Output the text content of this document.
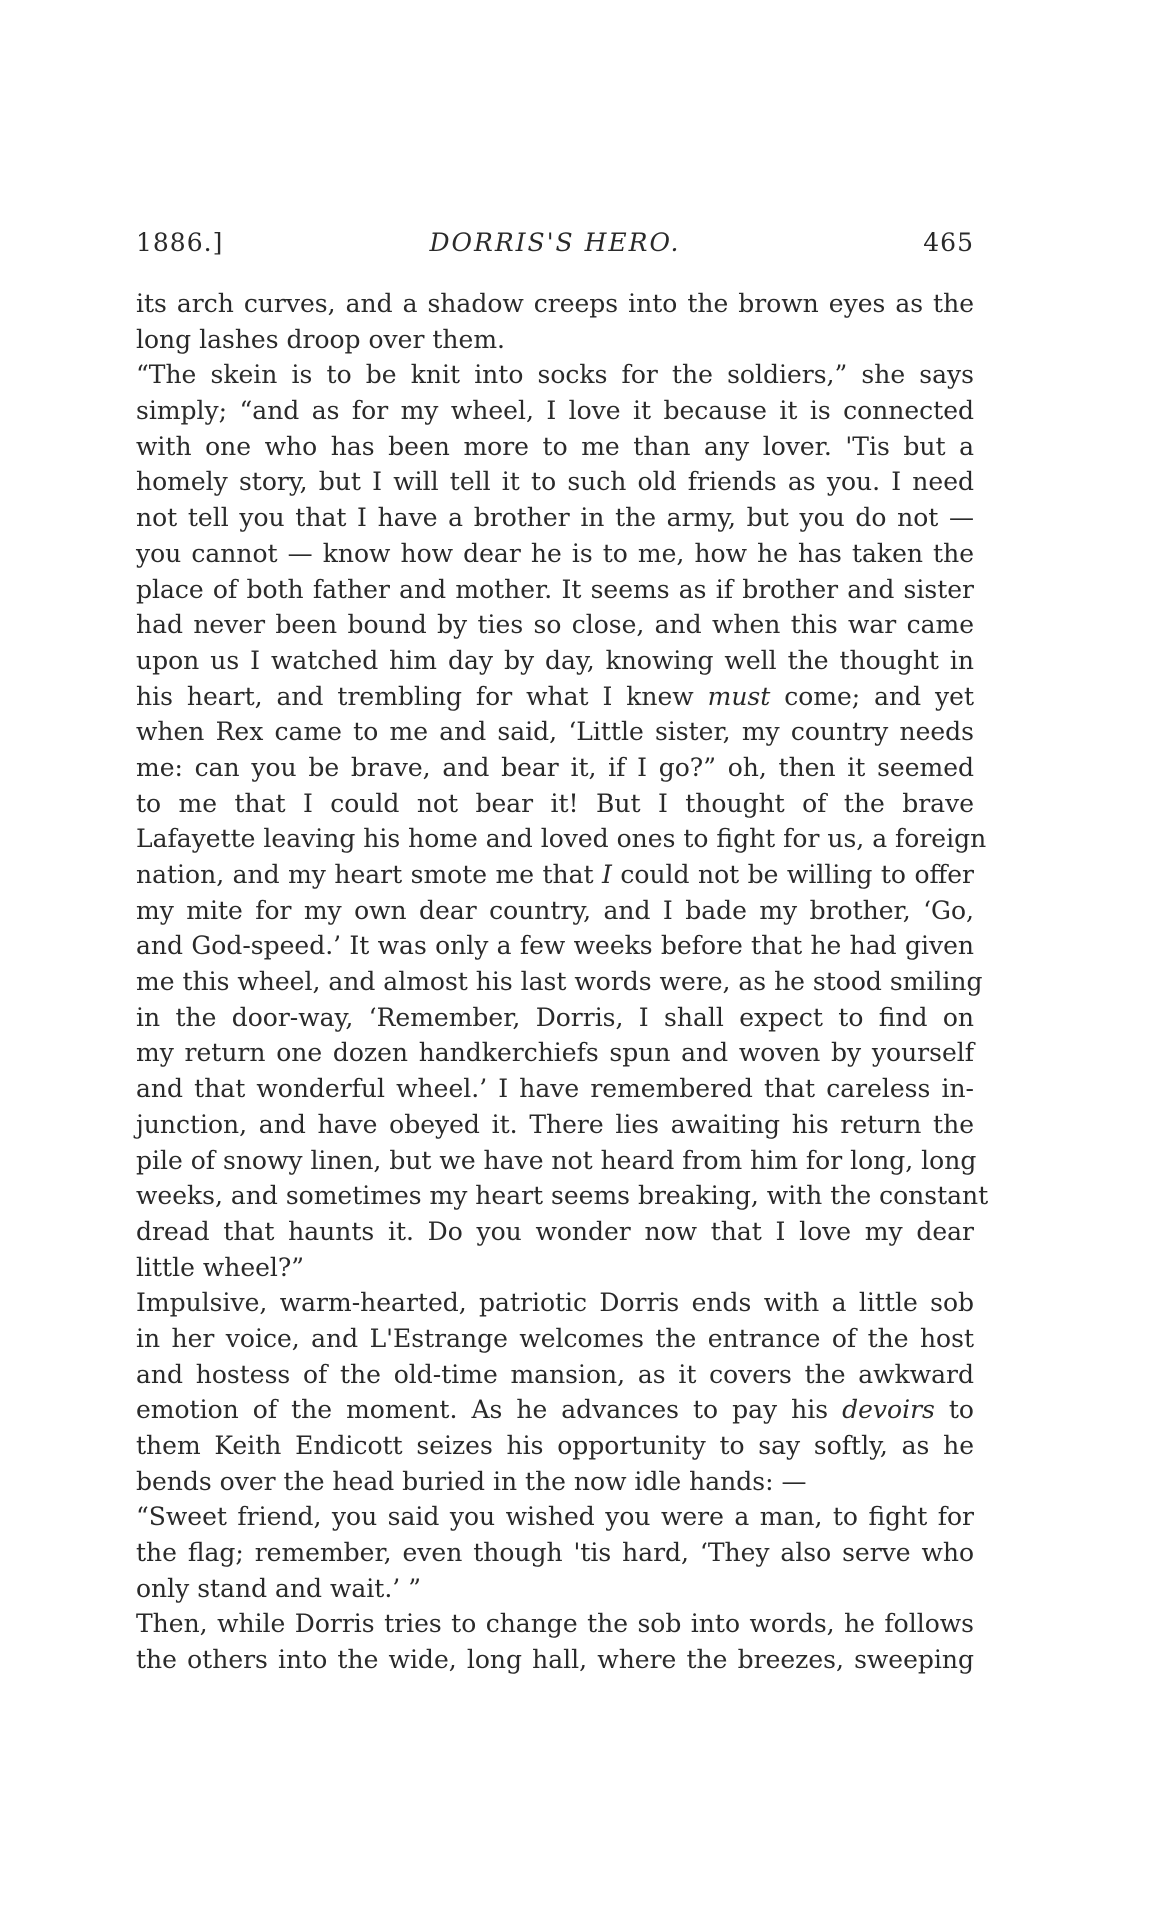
1886.]	DORRIS'S HERO.	465
its arch curves, and a shadow creeps into the brown eyes as the
long lashes droop over them.
“The skein is to be knit into socks for the soldiers,” she says
simply; “and as for my wheel, I love it because it is connected
with one who has been more to me than any lover. 'Tis but a
homely story, but I will tell it to such old friends as you. I need
not tell you that I have a brother in the army, but you do not —
you cannot — know how dear he is to me, how he has taken the
place of both father and mother. It seems as if brother and sister
had never been bound by ties so close, and when this war came
upon us I watched him day by day, knowing well the thought in
his heart, and trembling for what I knew must come; and yet
when Rex came to me and said, ‘Little sister, my country needs
me: can you be brave, and bear it, if I go?” oh, then it seemed
to me that I could not bear it! But I thought of the brave
Lafayette leaving his home and loved ones to fight for us, a foreign
nation, and my heart smote me that I could not be willing to offer
my mite for my own dear country, and I bade my brother, ‘Go,
and God-speed.’ It was only a few weeks before that he had given
me this wheel, and almost his last words were, as he stood smiling
in the door-way, ‘Remember, Dorris, I shall expect to find on
my return one dozen handkerchiefs spun and woven by yourself
and that wonderful wheel.’ I have remembered that careless in-
junction, and have obeyed it. There lies awaiting his return the
pile of snowy linen, but we have not heard from him for long, long
weeks, and sometimes my heart seems breaking, with the constant
dread that haunts it. Do you wonder now that I love my dear
little wheel?”
Impulsive, warm-hearted, patriotic Dorris ends with a little sob
in her voice, and L'Estrange welcomes the entrance of the host
and hostess of the old-time mansion, as it covers the awkward
emotion of the moment. As he advances to pay his devoirs to
them Keith Endicott seizes his opportunity to say softly, as he
bends over the head buried in the now idle hands: —
“Sweet friend, you said you wished you were a man, to fight for
the flag; remember, even though 'tis hard, ‘They also serve who
only stand and wait.’ ”
Then, while Dorris tries to change the sob into words, he follows
the others into the wide, long hall, where the breezes, sweeping
